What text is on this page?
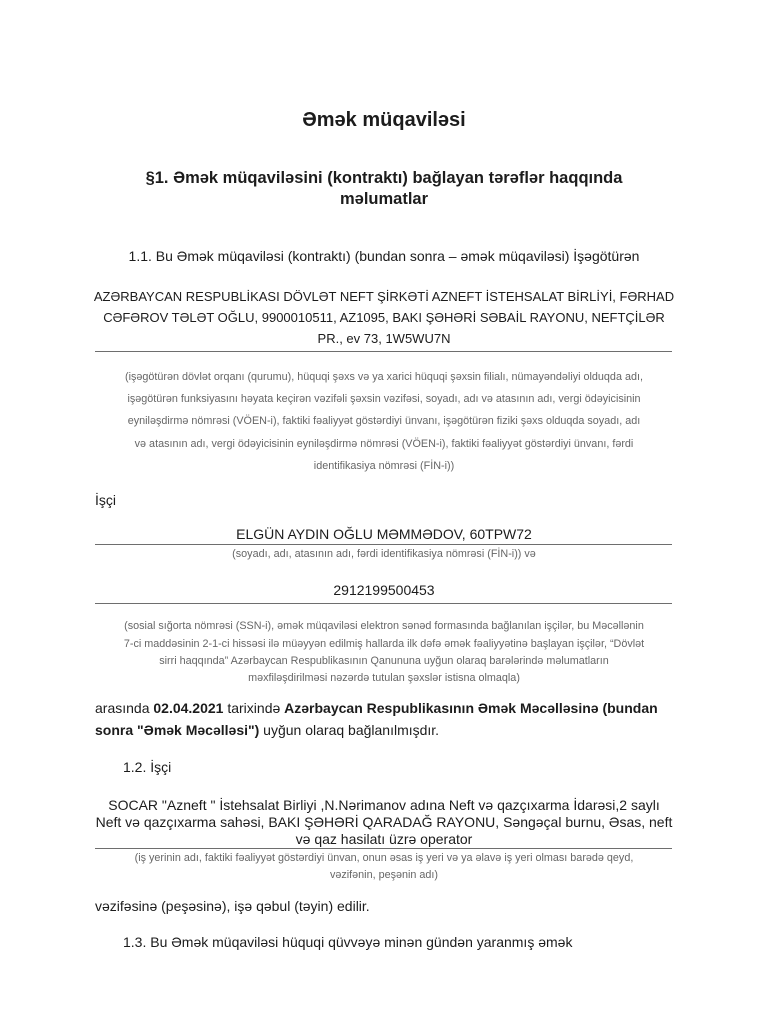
Əmək müqaviləsi
§1. Əmək müqaviləsini (kontraktı) bağlayan tərəflər haqqında
məlumatlar
1.1. Bu Əmək müqaviləsi (kontraktı) (bundan sonra – əmək müqaviləsi) İşəgötürən
AZƏRBAYCAN RESPUBLİKASI DÖVLƏT NEFT ŞİRKƏTİ AZNEFT İSTEHSALAT BİRLİYİ, FƏRHAD
CƏFƏROV TƏLƏT OĞLU, 9900010511, AZ1095, BAKI ŞƏHƏRİ SƏBAİL RAYONU, NEFTÇİLƏR
PR., ev 73, 1W5WU7N
(işəgötürən dövlət orqanı (qurumu), hüquqi şəxs və ya xarici hüquqi şəxsin filialı, nümayəndəliyi olduqda adı,
işəgötürən funksiyasını həyata keçirən vəzifəli şəxsin vəzifəsi, soyadı, adı və atasının adı, vergi ödəyicisinin
eyniləşdirmə nömrəsi (VÖEN-i), faktiki fəaliyyət göstərdiyi ünvanı, işəgötürən fiziki şəxs olduqda soyadı, adı
və atasının adı, vergi ödəyicisinin eyniləşdirmə nömrəsi (VÖEN-i), faktiki fəaliyyət göstərdiyi ünvanı, fərdi
identifikasiya nömrəsi (FİN-i))
İşçi
ELGÜN AYDIN OĞLU MƏMMƏDOV, 60TPW72
(soyadı, adı, atasının adı, fərdi identifikasiya nömrəsi (FİN-i)) və
2912199500453
(sosial sığorta nömrəsi (SSN-i), əmək müqaviləsi elektron sənəd formasında bağlanılan işçilər, bu Məcəllənin
7-ci maddəsinin 2-1-ci hissəsi ilə müəyyən edilmiş hallarda ilk dəfə əmək fəaliyyətinə başlayan işçilər, “Dövlət
sirri haqqında” Azərbaycan Respublikasının Qanununa uyğun olaraq barələrində məlumatların
məxfiləşdirilməsi nəzərdə tutulan şəxslər istisna olmaqla)
arasında 02.04.2021 tarixində Azərbaycan Respublikasının Əmək Məcəlləsinə (bundan
sonra "Əmək Məcəlləsi") uyğun olaraq bağlanılmışdır.
1.2. İşçi
SOCAR "Azneft " İstehsalat Birliyi ,N.Nərimanov adına Neft və qazçıxarma İdarəsi,2 saylı
Neft və qazçıxarma sahəsi, BAKI ŞƏHƏRİ QARADAĞ RAYONU, Səngəçal burnu, Əsas, neft
və qaz hasilatı üzrə operator
(iş yerinin adı, faktiki fəaliyyət göstərdiyi ünvan, onun əsas iş yeri və ya əlavə iş yeri olması barədə qeyd,
vəzifənin, peşənin adı)
vəzifəsinə (peşəsinə), işə qəbul (təyin) edilir.
1.3. Bu Əmək müqaviləsi hüquqi qüvvəyə minən gündən yaranmış əmək
